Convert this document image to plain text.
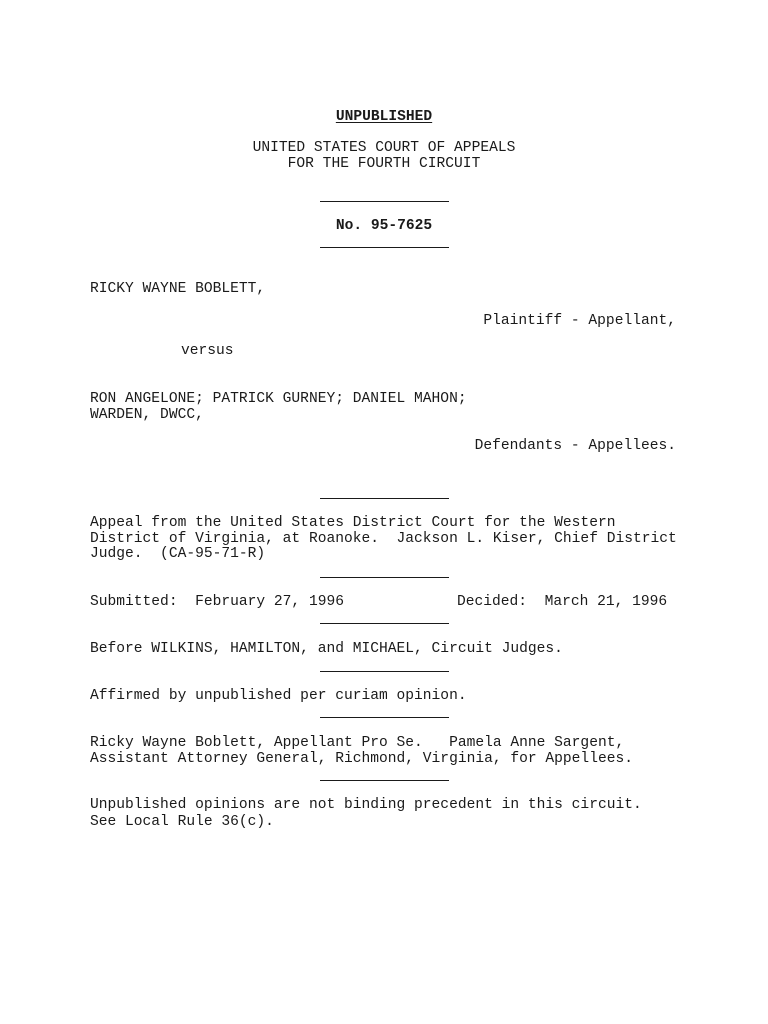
UNPUBLISHED
UNITED STATES COURT OF APPEALS
FOR THE FOURTH CIRCUIT
No. 95-7625
RICKY WAYNE BOBLETT,
Plaintiff - Appellant,
versus
RON ANGELONE; PATRICK GURNEY; DANIEL MAHON;
WARDEN, DWCC,
Defendants - Appellees.
Appeal from the United States District Court for the Western
District of Virginia, at Roanoke.  Jackson L. Kiser, Chief District
Judge.  (CA-95-71-R)
Submitted:  February 27, 1996	Decided:  March 21, 1996
Before WILKINS, HAMILTON, and MICHAEL, Circuit Judges.
Affirmed by unpublished per curiam opinion.
Ricky Wayne Boblett, Appellant Pro Se.   Pamela Anne Sargent,
Assistant Attorney General, Richmond, Virginia, for Appellees.
Unpublished opinions are not binding precedent in this circuit.
See Local Rule 36(c).
